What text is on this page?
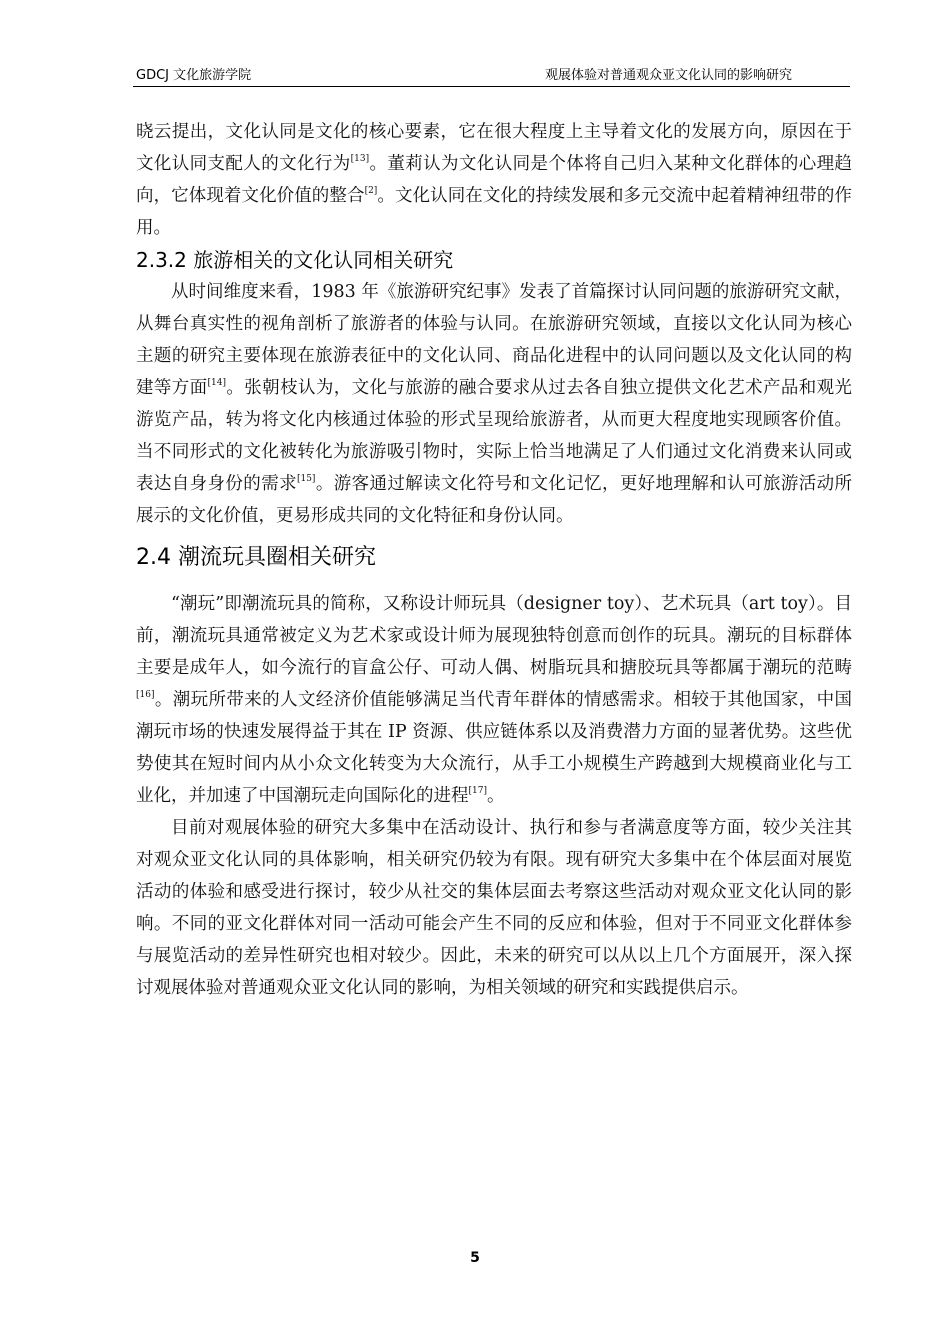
GDCJ 文化旅游学院	观展体验对普通观众亚文化认同的影响研究

晓云提出，文化认同是文化的核心要素，它在很大程度上主导着文化的发展方向，原因在于文化认同支配人的文化行为[13]。董莉认为文化认同是个体将自己归入某种文化群体的心理趋向，它体现着文化价值的整合[2]。文化认同在文化的持续发展和多元交流中起着精神纽带的作用。

2.3.2 旅游相关的文化认同相关研究

从时间维度来看，1983 年《旅游研究纪事》发表了首篇探讨认同问题的旅游研究文献，从舞台真实性的视角剖析了旅游者的体验与认同。在旅游研究领域，直接以文化认同为核心主题的研究主要体现在旅游表征中的文化认同、商品化进程中的认同问题以及文化认同的构建等方面[14]。张朝枝认为，文化与旅游的融合要求从过去各自独立提供文化艺术产品和观光游览产品，转为将文化内核通过体验的形式呈现给旅游者，从而更大程度地实现顾客价值。当不同形式的文化被转化为旅游吸引物时，实际上恰当地满足了人们通过文化消费来认同或表达自身身份的需求[15]。游客通过解读文化符号和文化记忆，更好地理解和认可旅游活动所展示的文化价值，更易形成共同的文化特征和身份认同。

2.4 潮流玩具圈相关研究

“潮玩”即潮流玩具的简称，又称设计师玩具（designer toy）、艺术玩具（art toy）。目前，潮流玩具通常被定义为艺术家或设计师为展现独特创意而创作的玩具。潮玩的目标群体主要是成年人，如今流行的盲盒公仔、可动人偶、树脂玩具和搪胶玩具等都属于潮玩的范畴[16]。潮玩所带来的人文经济价值能够满足当代青年群体的情感需求。相较于其他国家，中国潮玩市场的快速发展得益于其在 IP 资源、供应链体系以及消费潜力方面的显著优势。这些优势使其在短时间内从小众文化转变为大众流行，从手工小规模生产跨越到大规模商业化与工业化，并加速了中国潮玩走向国际化的进程[17]。

目前对观展体验的研究大多集中在活动设计、执行和参与者满意度等方面，较少关注其对观众亚文化认同的具体影响，相关研究仍较为有限。现有研究大多集中在个体层面对展览活动的体验和感受进行探讨，较少从社交的集体层面去考察这些活动对观众亚文化认同的影响。不同的亚文化群体对同一活动可能会产生不同的反应和体验，但对于不同亚文化群体参与展览活动的差异性研究也相对较少。因此，未来的研究可以从以上几个方面展开，深入探讨观展体验对普通观众亚文化认同的影响，为相关领域的研究和实践提供启示。

5
